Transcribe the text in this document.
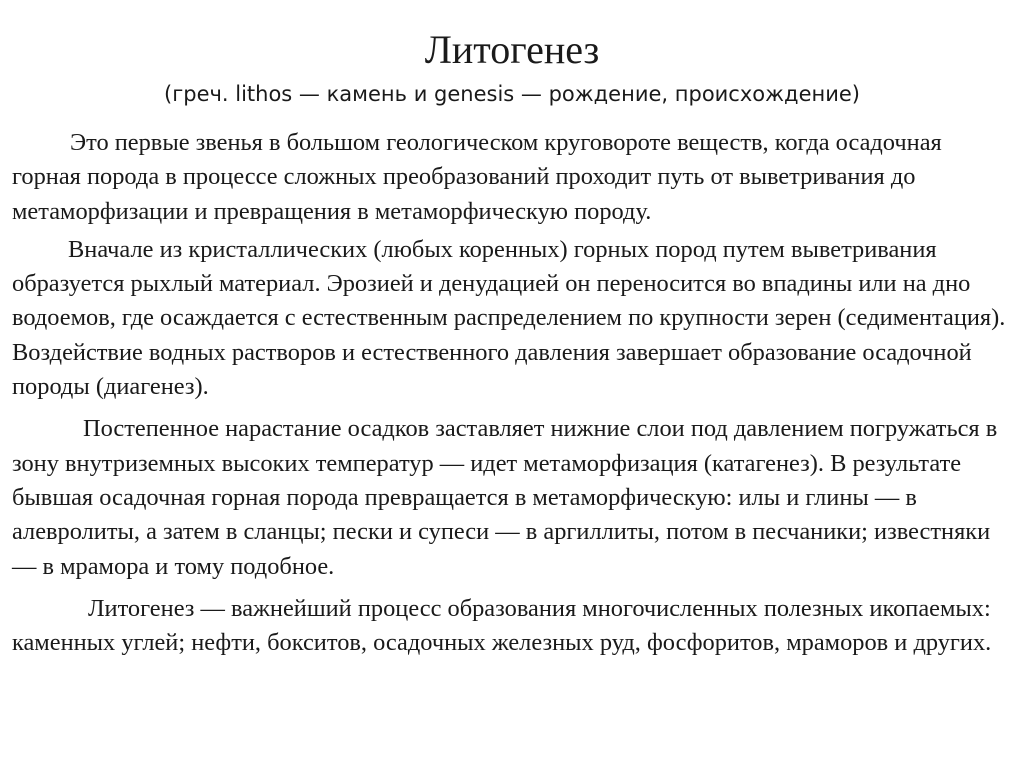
Литогенез
(греч. lithos — камень и genesis — рождение, происхождение)

Это первые звенья в большом геологическом круговороте веществ, когда осадочная горная порода в процессе сложных преобразований проходит путь от выветривания до метаморфизации и превращения в метаморфическую породу.

Вначале из кристаллических (любых коренных) горных пород путем выветривания образуется рыхлый материал. Эрозией и денудацией он переносится во впадины или на дно водоемов, где осаждается с естественным распределением по крупности зерен (седиментация). Воздействие водных растворов и естественного давления завершает образование осадочной породы (диагенез).

Постепенное нарастание осадков заставляет нижние слои под давлением погружаться в зону внутриземных высоких температур — идет метаморфизация (катагенез). В результате бывшая осадочная горная порода превращается в метаморфическую: илы и глины — в алевролиты, а затем в сланцы; пески и супеси — в аргиллиты, потом в песчаники; известняки — в мрамора и тому подобное.

Литогенез — важнейший процесс образования многочисленных полезных икопаемых: каменных углей; нефти, бокситов, осадочных железных руд, фосфоритов, мраморов и других.
